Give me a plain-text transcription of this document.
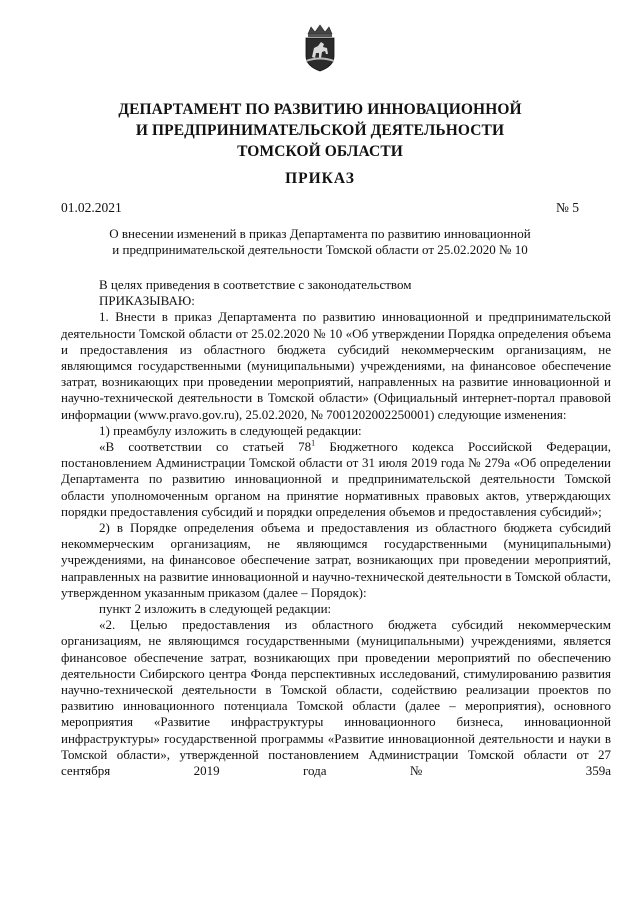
ДЕПАРТАМЕНТ ПО РАЗВИТИЮ ИННОВАЦИОННОЙ
И ПРЕДПРИНИМАТЕЛЬСКОЙ ДЕЯТЕЛЬНОСТИ
ТОМСКОЙ ОБЛАСТИ
ПРИКАЗ
01.02.2021	№ 5
О внесении изменений в приказ Департамента по развитию инновационной
и предпринимательской деятельности Томской области от 25.02.2020 № 10

В целях приведения в соответствие с законодательством

ПРИКАЗЫВАЮ:

1. Внести в приказ Департамента по развитию инновационной и предпринимательской деятельности Томской области от 25.02.2020 № 10 «Об утверждении Порядка определения объема и предоставления из областного бюджета субсидий некоммерческим организациям, не являющимся государственными (муниципальными) учреждениями, на финансовое обеспечение затрат, возникающих при проведении мероприятий, направленных на развитие инновационной и научно-технической деятельности в Томской области» (Официальный интернет-портал правовой информации (www.pravo.gov.ru), 25.02.2020, № 7001202002250001) следующие изменения:

1) преамбулу изложить в следующей редакции:

«В соответствии со статьей $78^1$ Бюджетного кодекса Российской Федерации, постановлением Администрации Томской области от 31 июля 2019 года № 279а «Об определении Департамента по развитию инновационной и предпринимательской деятельности Томской области уполномоченным органом на принятие нормативных правовых актов, утверждающих порядки предоставления субсидий и порядки определения объемов и предоставления субсидий»;

2) в Порядке определения объема и предоставления из областного бюджета субсидий некоммерческим организациям, не являющимся государственными (муниципальными) учреждениями, на финансовое обеспечение затрат, возникающих при проведении мероприятий, направленных на развитие инновационной и научно-технической деятельности в Томской области, утвержденном указанным приказом (далее – Порядок):

пункт 2 изложить в следующей редакции:

«2. Целью предоставления из областного бюджета субсидий некоммерческим организациям, не являющимся государственными (муниципальными) учреждениями, является финансовое обеспечение затрат, возникающих при проведении мероприятий по обеспечению деятельности Сибирского центра Фонда перспективных исследований, стимулированию развития научно-технической деятельности в Томской области, содействию реализации проектов по развитию инновационного потенциала Томской области (далее – мероприятия), основного мероприятия «Развитие инфраструктуры инновационного бизнеса, инновационной инфраструктуры» государственной программы «Развитие инновационной деятельности и науки в Томской области», утвержденной постановлением Администрации Томской области от 27 сентября 2019 года № 359а
